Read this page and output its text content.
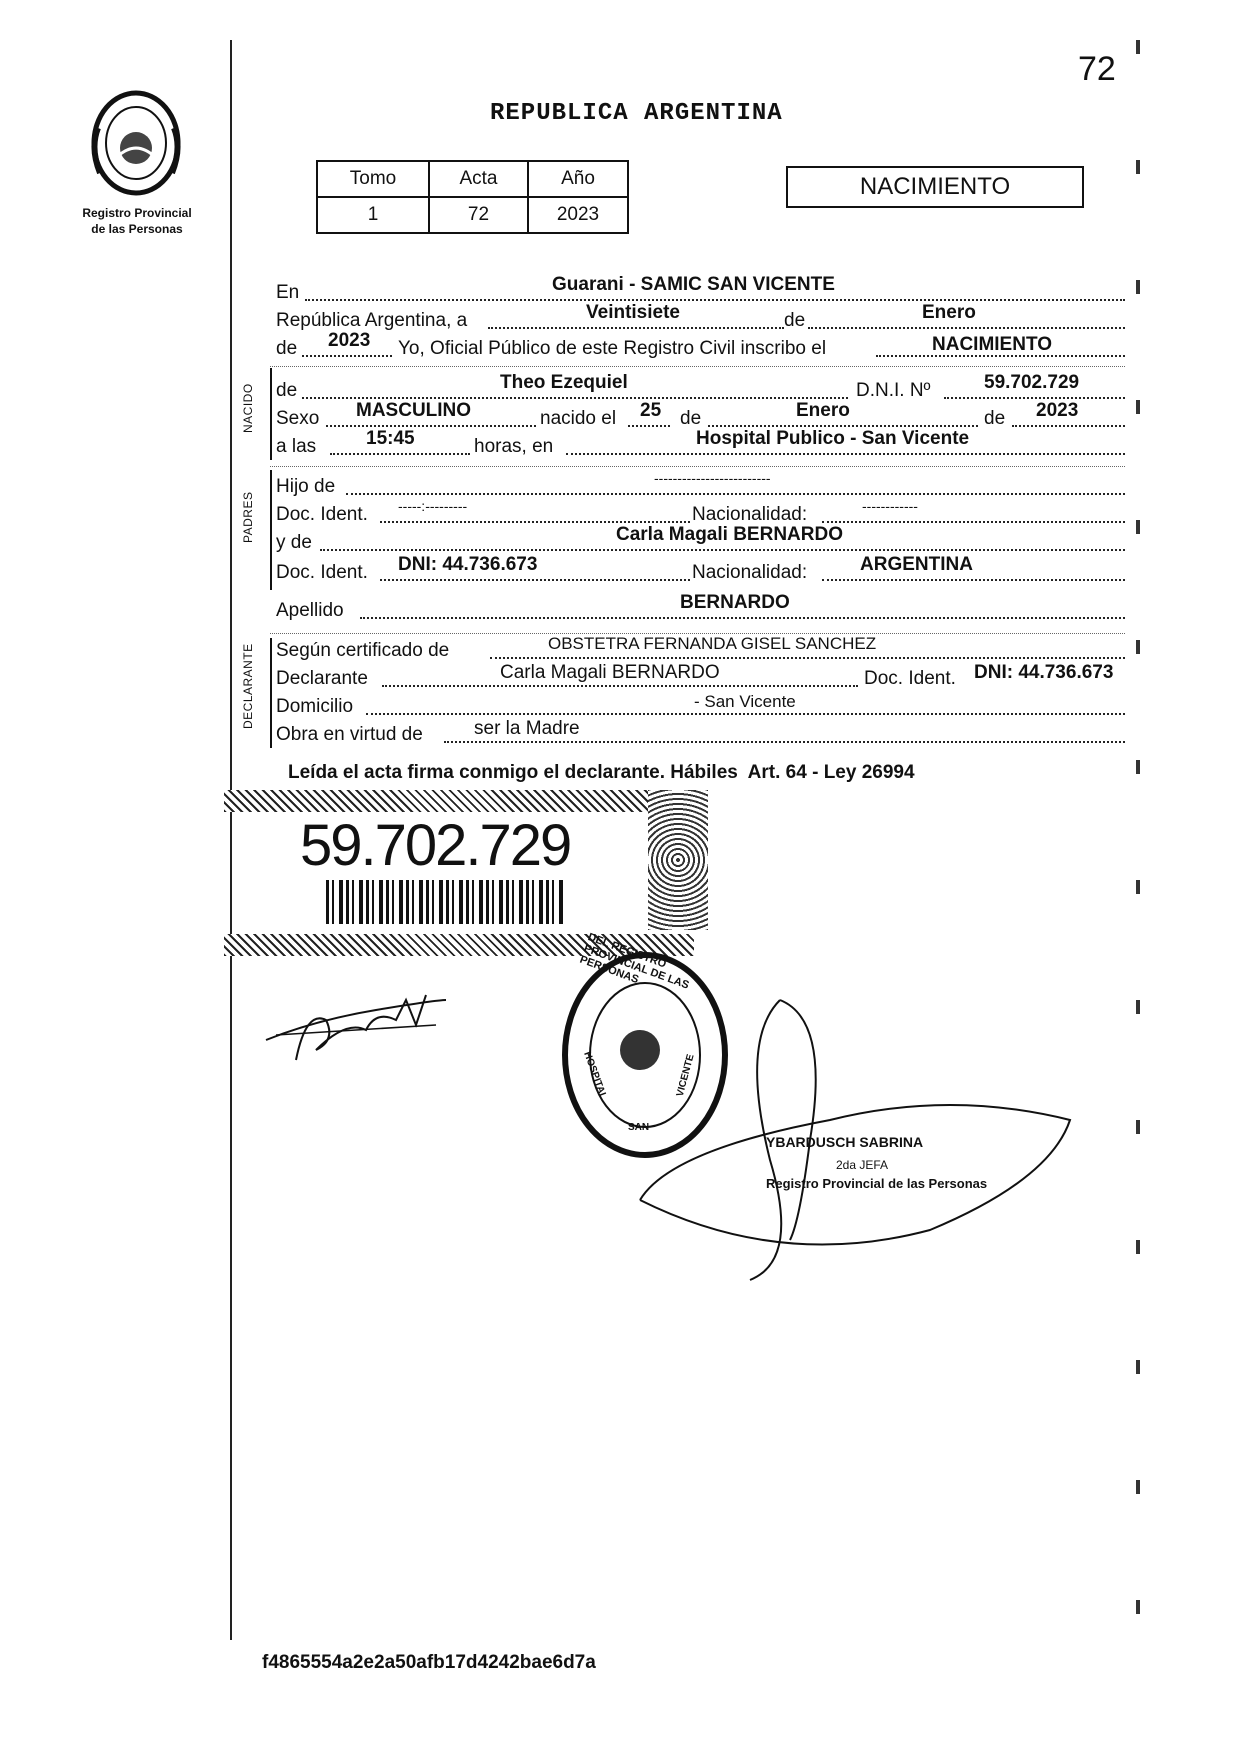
72
Registro Provincial
de las Personas
REPUBLICA ARGENTINA
Tomo	Acta	Año
1	72	2023
NACIMIENTO
En	Guarani - SAMIC SAN VICENTE
República Argentina, a	Veintisiete	de	Enero
de 2023 Yo, Oficial Público de este Registro Civil inscribo el	NACIMIENTO
NACIDO
PADRES
DECLARANTE
de	Theo Ezequiel	D.N.I. Nº	59.702.729
Sexo MASCULINO	nacido el 25 de	Enero	de 2023
a las	15:45	horas, en	Hospital Publico - San Vicente
Hijo de	-------------------------
Doc. Ident. -----:---------	Nacionalidad:	------------
y de	Carla Magali BERNARDO
Doc. Ident. DNI: 44.736.673	Nacionalidad:	ARGENTINA
Apellido	BERNARDO
Según certificado de	OBSTETRA FERNANDA GISEL SANCHEZ
Declarante	Carla Magali BERNARDO	Doc. Ident. DNI: 44.736.673
Domicilio	- San Vicente
Obra en virtud de	ser la Madre
Leída el acta firma conmigo el declarante. Hábiles  Art. 64 - Ley 26994
59.702.729
DEL REGISTRO PROVINCIAL DE LAS PERSONAS
HOSPITAL
SAN
VICENTE
YBARDUSCH SABRINA
2da JEFA
Registro Provincial de las Personas
f4865554a2e2a50afb17d4242bae6d7a
